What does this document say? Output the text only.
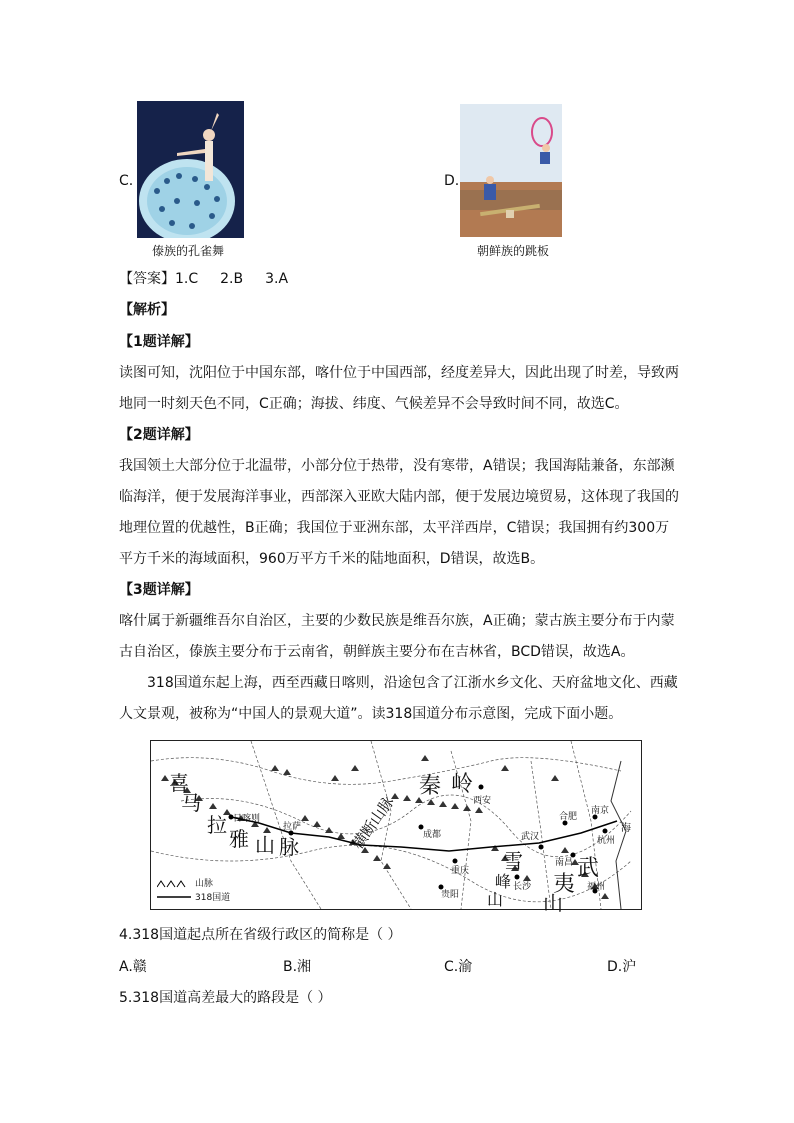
C.
傣族的孔雀舞
D.
朝鲜族的跳板
【答案】1.C 2.B 3.A
【解析】
【1题详解】
读图可知，沈阳位于中国东部，喀什位于中国西部，经度差异大，因此出现了时差，导致两
地同一时刻天色不同，C正确；海拔、纬度、气候差异不会导致时间不同，故选C。
【2题详解】
我国领土大部分位于北温带，小部分位于热带，没有寒带，A错误；我国海陆兼备，东部濒
临海洋，便于发展海洋事业，西部深入亚欧大陆内部，便于发展边境贸易，这体现了我国的
地理位置的优越性，B正确；我国位于亚洲东部，太平洋西岸，C错误；我国拥有约300万
平方千米的海域面积，960万平方千米的陆地面积，D错误，故选B。
【3题详解】
喀什属于新疆维吾尔自治区，主要的少数民族是维吾尔族，A正确；蒙古族主要分布于内蒙
古自治区，傣族主要分布于云南省，朝鲜族主要分布在吉林省，BCD错误，故选A。
318国道东起上海，西至西藏日喀则，沿途包含了江浙水乡文化、天府盆地文化、西藏
人文景观，被称为“中国人的景观大道”。读318国道分布示意图，完成下面小题。
日喀则
拉萨
成都
西安
重庆
贵阳
长沙
武汉
合肥
南京
杭州
南昌
福州
喜
马
拉
雅 山 脉
秦 岭
横断山脉
雪
峰
山
武
夷
山
海
山脉
318国道
4.318国道起点所在省级行政区的简称是（ ）
A.赣	B.湘	C.渝	D.沪
5.318国道高差最大的路段是（ ）
